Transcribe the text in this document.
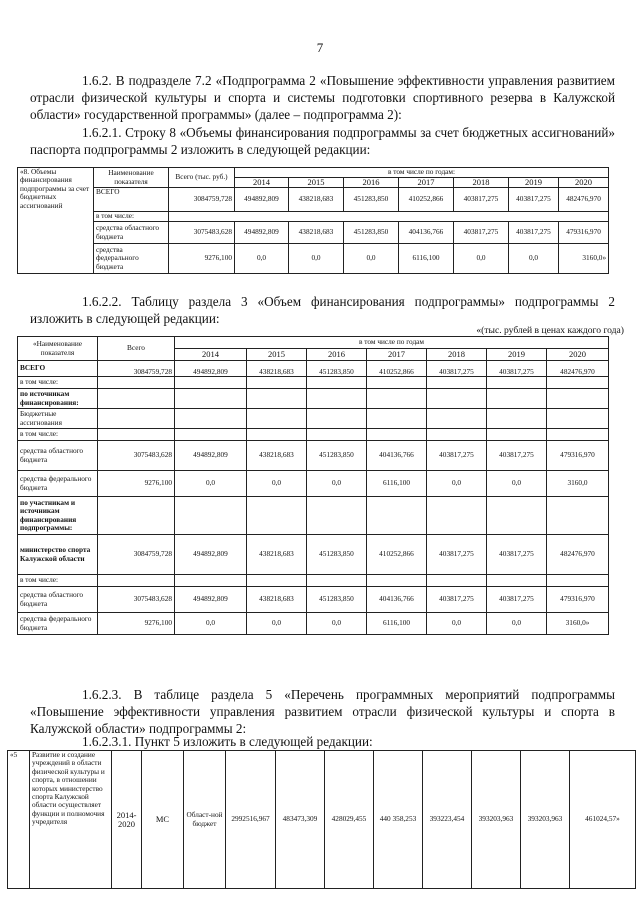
7

1.6.2. В подразделе 7.2 «Подпрограмма 2 «Повышение эффективности управления развитием отрасли физической культуры и спорта и системы подготовки спортивного резерва в Калужской области» государственной программы» (далее – подпрограмма 2):

1.6.2.1. Строку 8 «Объемы финансирования подпрограммы за счет бюджетных ассигнований» паспорта подпрограммы 2 изложить в следующей редакции:

«8. Объемы финансирования подпрограммы за счет бюджетных ассигнований	Наименование показателя	Всего (тыс. руб.)	в том числе по годам:						
			2014	2015	2016	2017	2018	2019	2020
	ВСЕГО	3084759,728	494892,809	438218,683	451283,850	410252,866	403817,275	403817,275	482476,970
	в том числе:								
	средства областного бюджета	3075483,628	494892,809	438218,683	451283,850	404136,766	403817,275	403817,275	479316,970
	средства федерального бюджета	9276,100	0,0	0,0	0,0	6116,100	0,0	0,0	3160,0»

1.6.2.2. Таблицу раздела 3 «Объем финансирования подпрограммы» подпрограммы 2 изложить в следующей редакции:

«(тыс. рублей в ценах каждого года)
«Наименование показателя	Всего	в том числе по годам						
		2014	2015	2016	2017	2018	2019	2020
ВСЕГО	3084759,728	494892,809	438218,683	451283,850	410252,866	403817,275	403817,275	482476,970
в том числе:								
по источникам финансирования:								
Бюджетные ассигнования								
в том числе:								
средства областного бюджета	3075483,628	494892,809	438218,683	451283,850	404136,766	403817,275	403817,275	479316,970
средства федерального бюджета	9276,100	0,0	0,0	0,0	6116,100	0,0	0,0	3160,0
по участникам и источникам финансирования подпрограммы:								
министерство спорта Калужской области	3084759,728	494892,809	438218,683	451283,850	410252,866	403817,275	403817,275	482476,970
в том числе:								
средства областного бюджета	3075483,628	494892,809	438218,683	451283,850	404136,766	403817,275	403817,275	479316,970
средства федерального бюджета	9276,100	0,0	0,0	0,0	6116,100	0,0	0,0	3160,0»

1.6.2.3. В таблице раздела 5 «Перечень программных мероприятий подпрограммы «Повышение эффективности управления развитием отрасли физической культуры и спорта в Калужской области» подпрограммы 2:

1.6.2.3.1. Пункт 5 изложить в следующей редакции:

«5	Развитие и создание учреждений в области физической культуры и спорта, в отношении которых министерство спорта Калужской области осуществляет функции и полномочия учредителя	2014-2020	МС	Област-ной бюджет	2992516,967	483473,309	428029,455	440 358,253	393223,454	393203,963	393203,963	461024,57»
